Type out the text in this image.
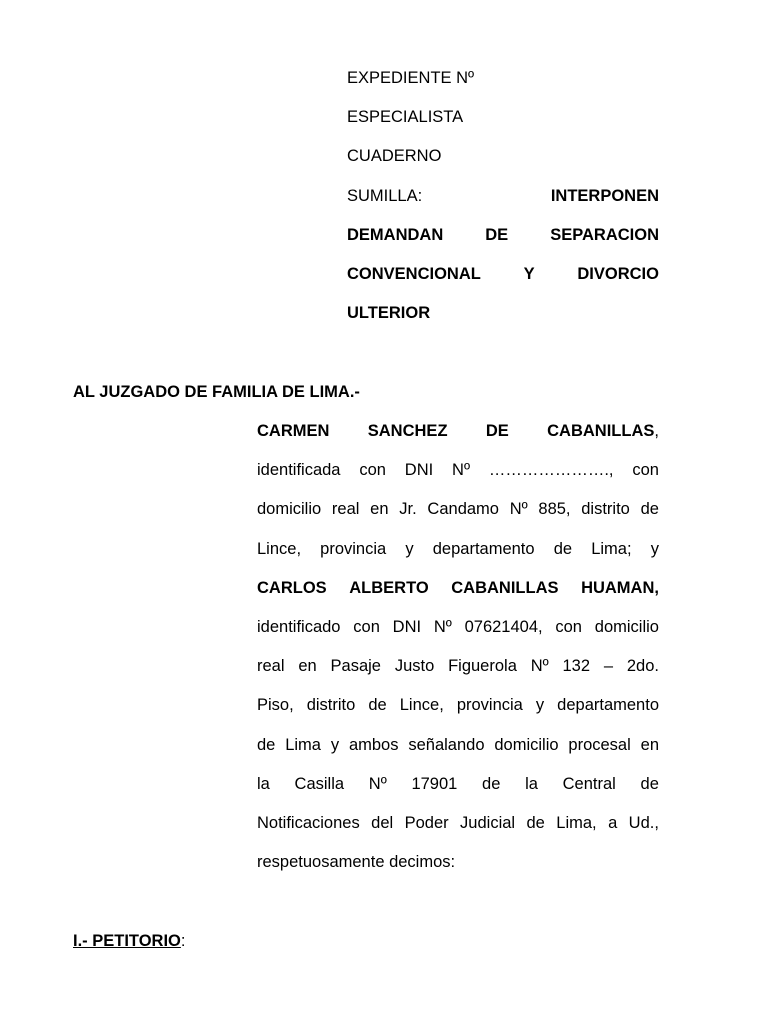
EXPEDIENTE Nº
ESPECIALISTA
CUADERNO
SUMILLA:	INTERPONEN
DEMANDAN	DE	SEPARACION
CONVENCIONAL	Y	DIVORCIO
ULTERIOR
AL JUZGADO DE FAMILIA DE LIMA.-
CARMEN SANCHEZ DE CABANILLAS,
identificada con DNI Nº …………………., con
domicilio real en Jr. Candamo Nº 885, distrito de
Lince, provincia y departamento de Lima; y
CARLOS ALBERTO CABANILLAS HUAMAN,
identificado con DNI Nº 07621404, con domicilio
real en Pasaje Justo Figuerola Nº 132 – 2do.
Piso, distrito de Lince, provincia y departamento
de Lima y ambos señalando domicilio procesal en
la Casilla Nº 17901 de la Central de
Notificaciones del Poder Judicial de Lima, a Ud.,
respetuosamente decimos:
I.- PETITORIO:
